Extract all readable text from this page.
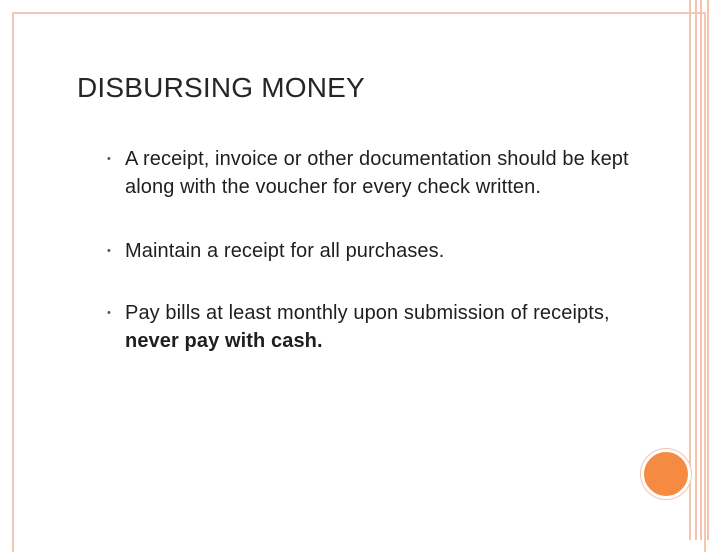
DISBURSING MONEY
• A receipt, invoice or other documentation should be kept along with the voucher for every check written.
• Maintain a receipt for all purchases.
• Pay bills at least monthly upon submission of receipts, never pay with cash.
